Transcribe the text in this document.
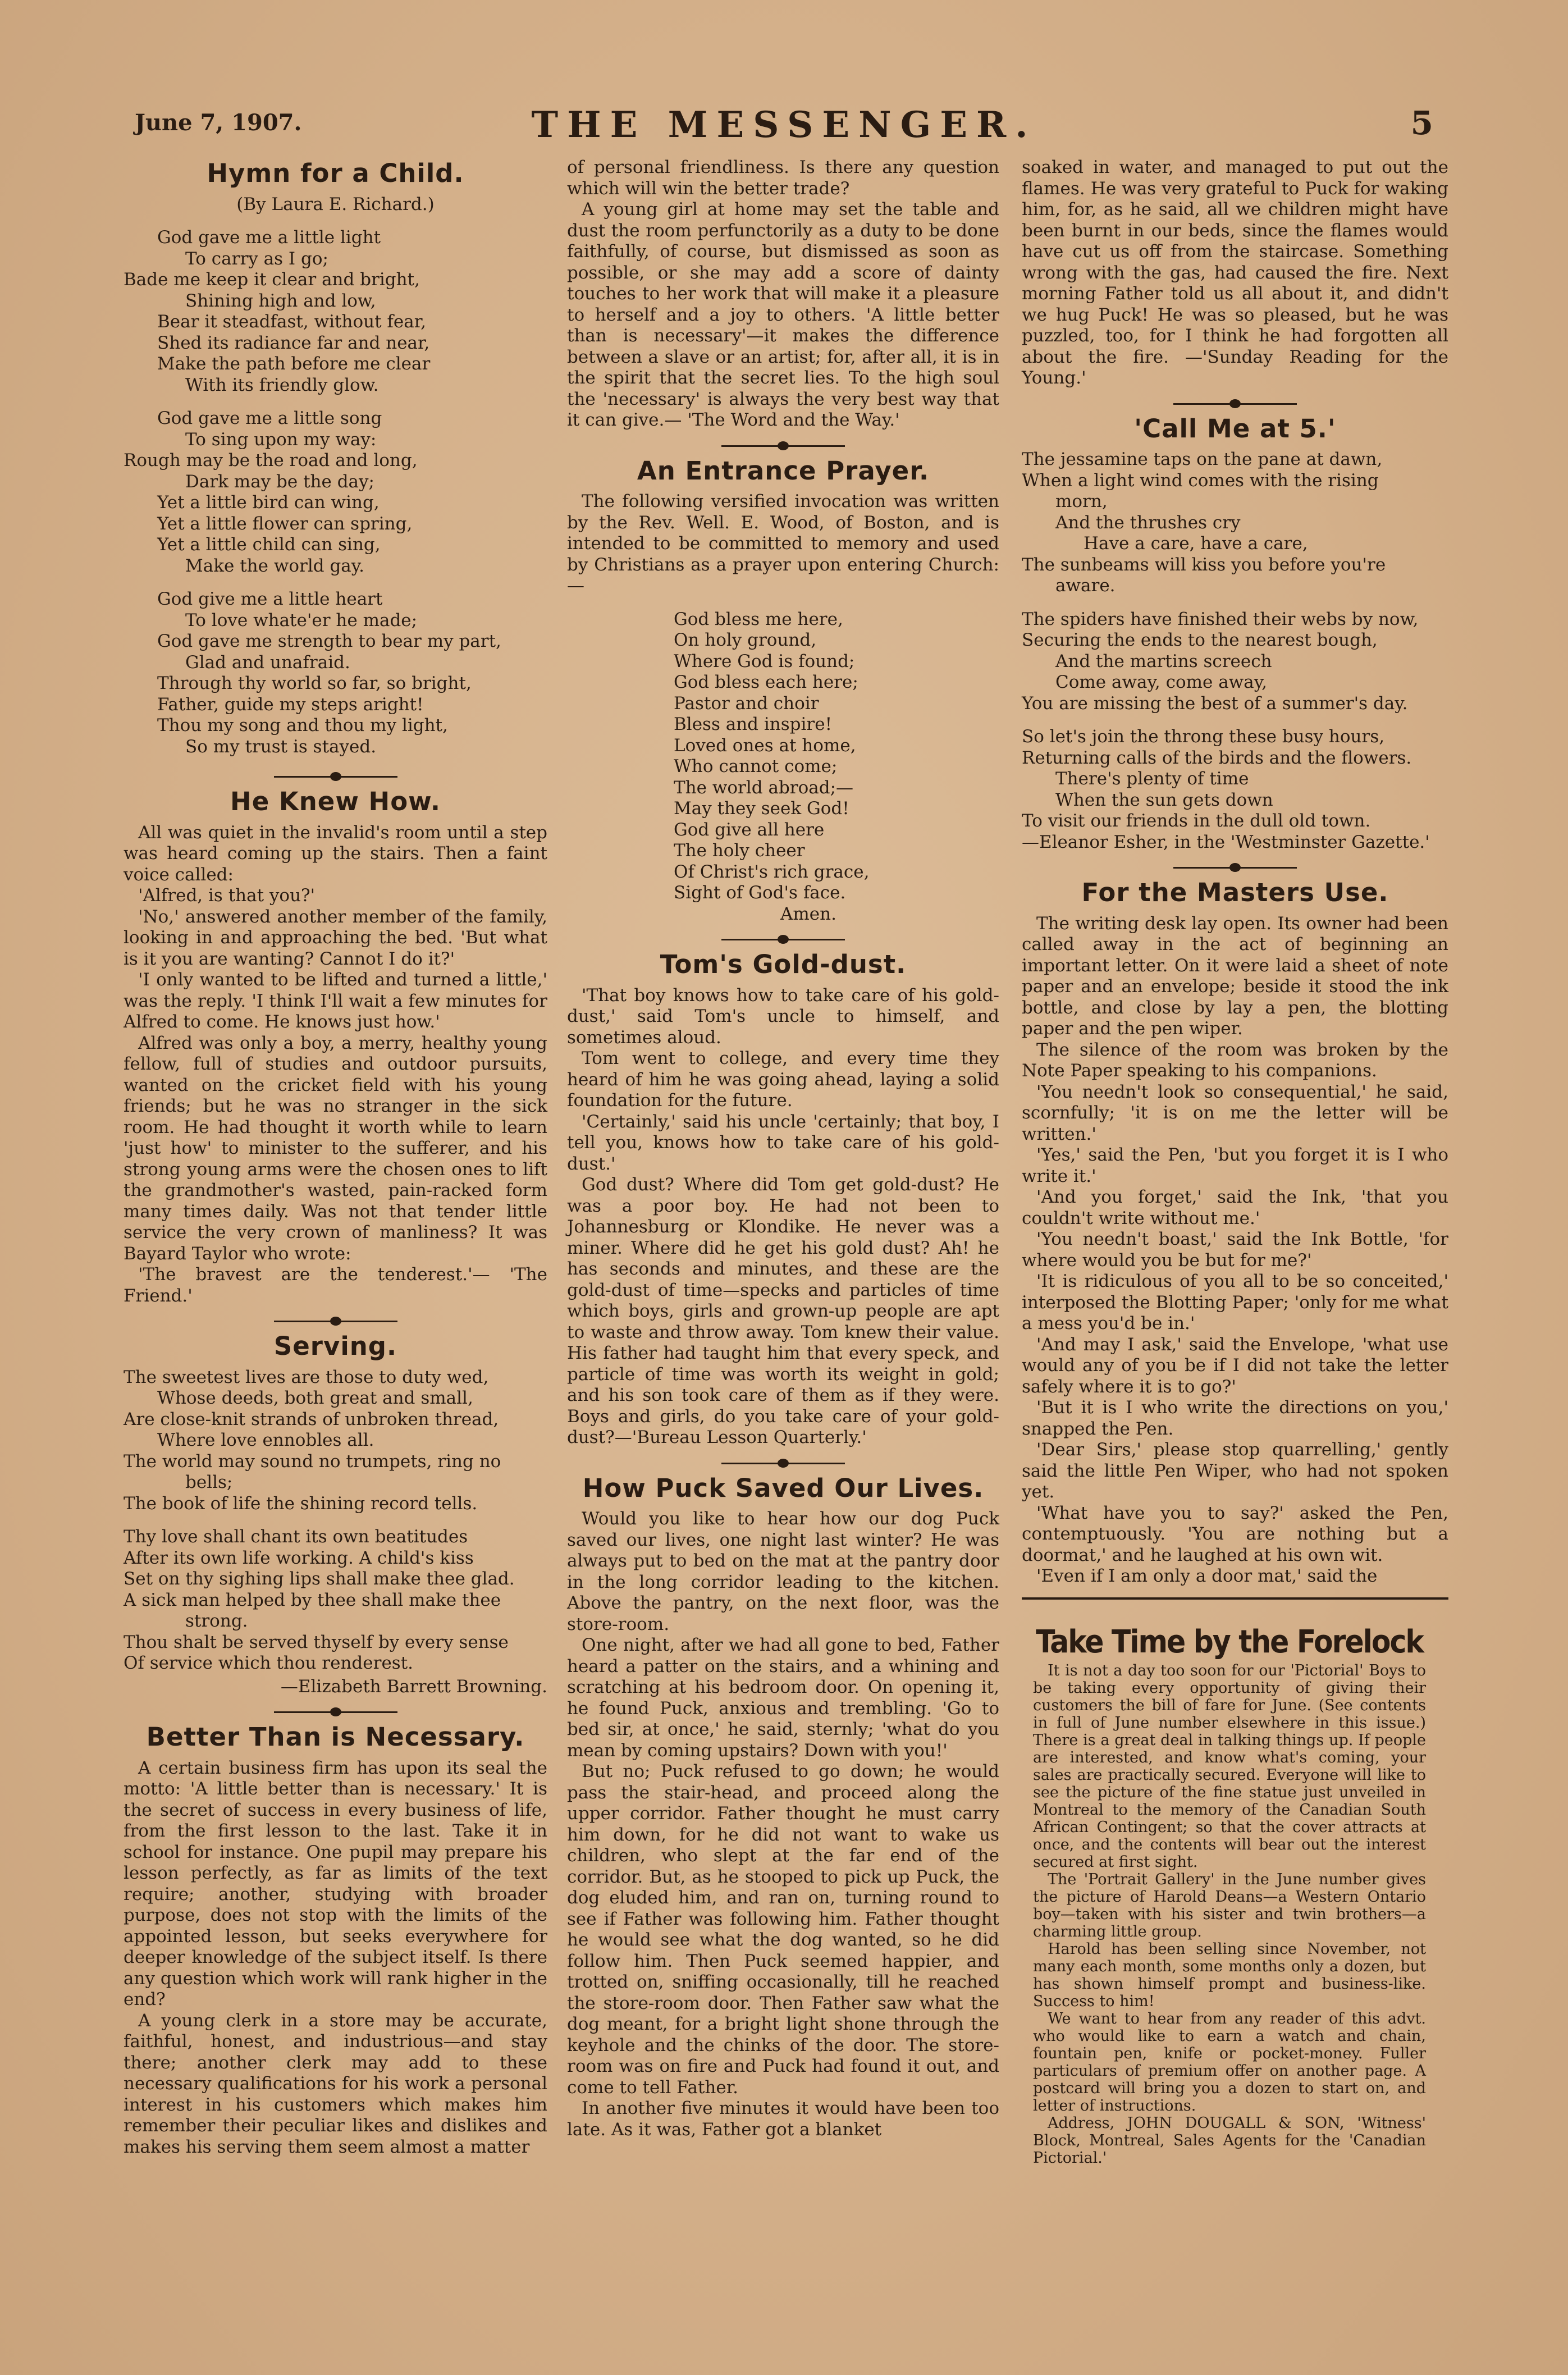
June 7, 1907.	THE MESSENGER.	5
Hymn for a Child.

(By Laura E. Richard.)

God gave me a little light

To carry as I go;

Bade me keep it clear and bright,

Shining high and low,

Bear it steadfast, without fear,

Shed its radiance far and near,

Make the path before me clear

With its friendly glow.

God gave me a little song

To sing upon my way:

Rough may be the road and long,

Dark may be the day;

Yet a little bird can wing,

Yet a little flower can spring,

Yet a little child can sing,

Make the world gay.

God give me a little heart

To love whate'er he made;

God gave me strength to bear my part,

Glad and unafraid.

Through thy world so far, so bright,

Father, guide my steps aright!

Thou my song and thou my light,

So my trust is stayed.

He Knew How.

All was quiet in the invalid's room until a step was heard coming up the stairs. Then a faint voice called:

'Alfred, is that you?'

'No,' answered another member of the family, looking in and approaching the bed. 'But what is it you are wanting? Cannot I do it?'

'I only wanted to be lifted and turned a little,' was the reply. 'I think I'll wait a few minutes for Alfred to come. He knows just how.'

Alfred was only a boy, a merry, healthy young fellow, full of studies and outdoor pursuits, wanted on the cricket field with his young friends; but he was no stranger in the sick room. He had thought it worth while to learn 'just how' to minister to the sufferer, and his strong young arms were the chosen ones to lift the grandmother's wasted, pain-racked form many times daily. Was not that tender little service the very crown of manliness? It was Bayard Taylor who wrote:

'The bravest are the tenderest.'— 'The Friend.'

Serving.

The sweetest lives are those to duty wed,

Whose deeds, both great and small,

Are close-knit strands of unbroken thread,

Where love ennobles all.

The world may sound no trumpets, ring no

bells;

The book of life the shining record tells.

Thy love shall chant its own beatitudes

After its own life working. A child's kiss

Set on thy sighing lips shall make thee glad.

A sick man helped by thee shall make thee

strong.

Thou shalt be served thyself by every sense

Of service which thou renderest.

—Elizabeth Barrett Browning.

Better Than is Necessary.

A certain business firm has upon its seal the motto: 'A little better than is necessary.' It is the secret of success in every business of life, from the first lesson to the last. Take it in school for instance. One pupil may prepare his lesson perfectly, as far as limits of the text require; another, studying with broader purpose, does not stop with the limits of the appointed lesson, but seeks everywhere for deeper knowledge of the subject itself. Is there any question which work will rank higher in the end?

A young clerk in a store may be accurate, faithful, honest, and industrious—and stay there; another clerk may add to these necessary qualifications for his work a personal interest in his customers which makes him remember their peculiar likes and dislikes and makes his serving them seem almost a matter

of personal friendliness. Is there any question which will win the better trade?

A young girl at home may set the table and dust the room perfunctorily as a duty to be done faithfully, of course, but dismissed as soon as possible, or she may add a score of dainty touches to her work that will make it a pleasure to herself and a joy to others. 'A little better than is necessary'—it makes the difference between a slave or an artist; for, after all, it is in the spirit that the secret lies. To the high soul the 'necessary' is always the very best way that it can give.— 'The Word and the Way.'

An Entrance Prayer.

The following versified invocation was written by the Rev. Well. E. Wood, of Boston, and is intended to be committed to memory and used by Christians as a prayer upon entering Church:—

God bless me here,

On holy ground,

Where God is found;

God bless each here;

Pastor and choir

Bless and inspire!

Loved ones at home,

Who cannot come;

The world abroad;—

May they seek God!

God give all here

The holy cheer

Of Christ's rich grace,

Sight of God's face.

Amen.

Tom's Gold-dust.

'That boy knows how to take care of his gold-dust,' said Tom's uncle to himself, and sometimes aloud.

Tom went to college, and every time they heard of him he was going ahead, laying a solid foundation for the future.

'Certainly,' said his uncle 'certainly; that boy, I tell you, knows how to take care of his gold-dust.'

God dust? Where did Tom get gold-dust? He was a poor boy. He had not been to Johannesburg or Klondike. He never was a miner. Where did he get his gold dust? Ah! he has seconds and minutes, and these are the gold-dust of time—specks and particles of time which boys, girls and grown-up people are apt to waste and throw away. Tom knew their value. His father had taught him that every speck, and particle of time was worth its weight in gold; and his son took care of them as if they were. Boys and girls, do you take care of your gold-dust?—'Bureau Lesson Quarterly.'

How Puck Saved Our Lives.

Would you like to hear how our dog Puck saved our lives, one night last winter? He was always put to bed on the mat at the pantry door in the long corridor leading to the kitchen. Above the pantry, on the next floor, was the store-room.

One night, after we had all gone to bed, Father heard a patter on the stairs, and a whining and scratching at his bedroom door. On opening it, he found Puck, anxious and trembling. 'Go to bed sir, at once,' he said, sternly; 'what do you mean by coming upstairs? Down with you!'

But no; Puck refused to go down; he would pass the stair-head, and proceed along the upper corridor. Father thought he must carry him down, for he did not want to wake us children, who slept at the far end of the corridor. But, as he stooped to pick up Puck, the dog eluded him, and ran on, turning round to see if Father was following him. Father thought he would see what the dog wanted, so he did follow him. Then Puck seemed happier, and trotted on, sniffing occasionally, till he reached the store-room door. Then Father saw what the dog meant, for a bright light shone through the keyhole and the chinks of the door. The store-room was on fire and Puck had found it out, and come to tell Father.

In another five minutes it would have been too late. As it was, Father got a blanket

soaked in water, and managed to put out the flames. He was very grateful to Puck for waking him, for, as he said, all we children might have been burnt in our beds, since the flames would have cut us off from the staircase. Something wrong with the gas, had caused the fire. Next morning Father told us all about it, and didn't we hug Puck! He was so pleased, but he was puzzled, too, for I think he had forgotten all about the fire. —'Sunday Reading for the Young.'

'Call Me at 5.'

The jessamine taps on the pane at dawn,

When a light wind comes with the rising

morn,

And the thrushes cry

Have a care, have a care,

The sunbeams will kiss you before you're

aware.

The spiders have finished their webs by now,

Securing the ends to the nearest bough,

And the martins screech

Come away, come away,

You are missing the best of a summer's day.

So let's join the throng these busy hours,

Returning calls of the birds and the flowers.

There's plenty of time

When the sun gets down

To visit our friends in the dull old town.

—Eleanor Esher, in the 'Westminster Gazette.'

For the Masters Use.

The writing desk lay open. Its owner had been called away in the act of beginning an important letter. On it were laid a sheet of note paper and an envelope; beside it stood the ink bottle, and close by lay a pen, the blotting paper and the pen wiper.

The silence of the room was broken by the Note Paper speaking to his companions.

'You needn't look so consequential,' he said, scornfully; 'it is on me the letter will be written.'

'Yes,' said the Pen, 'but you forget it is I who write it.'

'And you forget,' said the Ink, 'that you couldn't write without me.'

'You needn't boast,' said the Ink Bottle, 'for where would you be but for me?'

'It is ridiculous of you all to be so conceited,' interposed the Blotting Paper; 'only for me what a mess you'd be in.'

'And may I ask,' said the Envelope, 'what use would any of you be if I did not take the letter safely where it is to go?'

'But it is I who write the directions on you,' snapped the Pen.

'Dear Sirs,' please stop quarrelling,' gently said the little Pen Wiper, who had not spoken yet.

'What have you to say?' asked the Pen, contemptuously. 'You are nothing but a doormat,' and he laughed at his own wit.

'Even if I am only a door mat,' said the

Take Time by the Forelock

It is not a day too soon for our 'Pictorial' Boys to be taking every opportunity of giving their customers the bill of fare for June. (See contents in full of June number elsewhere in this issue.) There is a great deal in talking things up. If people are interested, and know what's coming, your sales are practically secured. Everyone will like to see the picture of the fine statue just unveiled in Montreal to the memory of the Canadian South African Contingent; so that the cover attracts at once, and the contents will bear out the interest secured at first sight.

The 'Portrait Gallery' in the June number gives the picture of Harold Deans—a Western Ontario boy—taken with his sister and twin brothers—a charming little group.

Harold has been selling since November, not many each month, some months only a dozen, but has shown himself prompt and business-like. Success to him!

We want to hear from any reader of this advt. who would like to earn a watch and chain, fountain pen, knife or pocket-money. Fuller particulars of premium offer on another page. A postcard will bring you a dozen to start on, and letter of instructions.

Address, JOHN DOUGALL & SON, 'Witness' Block, Montreal, Sales Agents for the 'Canadian Pictorial.'
